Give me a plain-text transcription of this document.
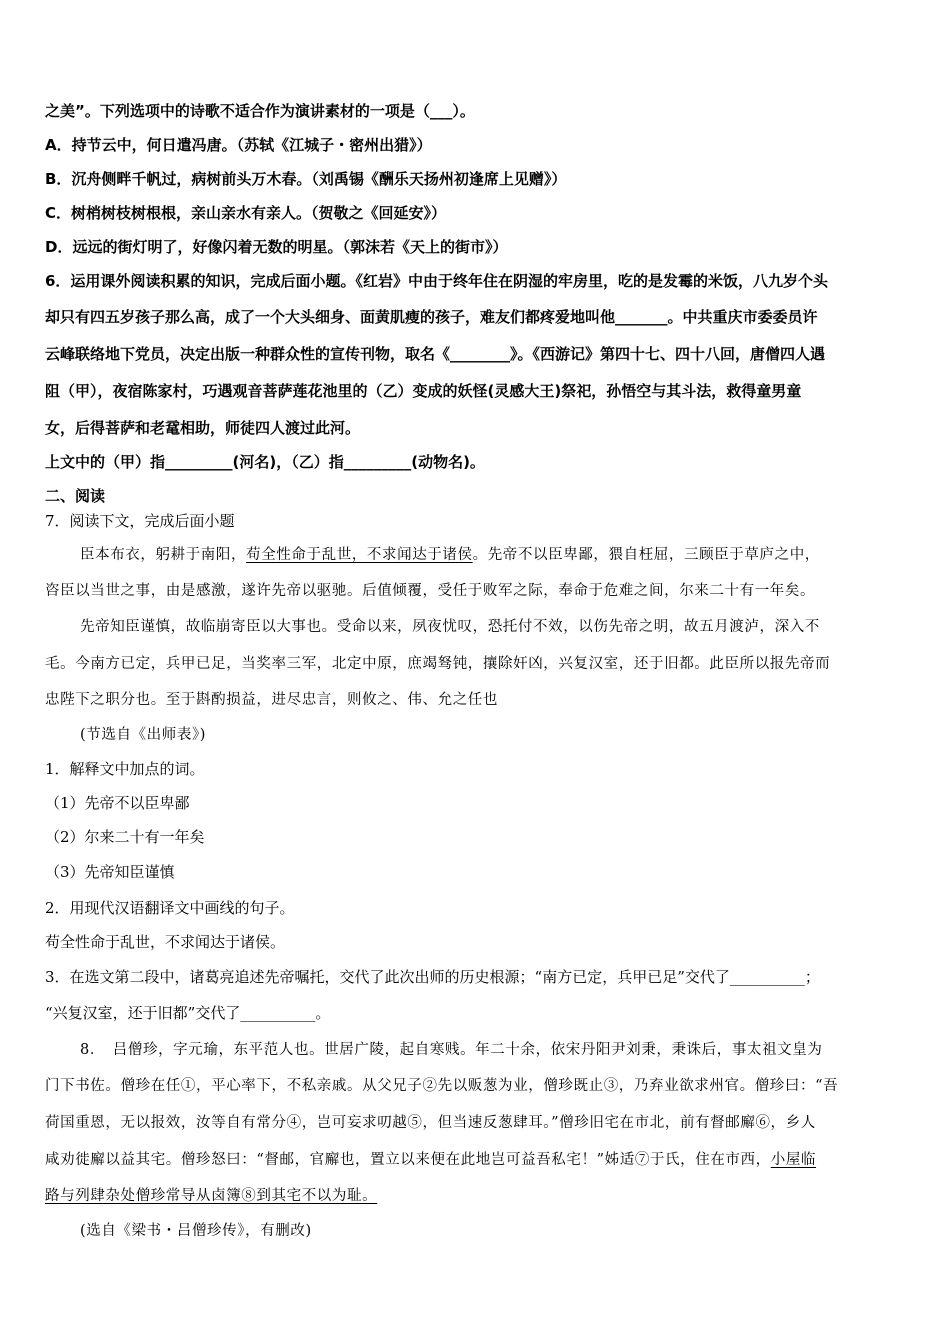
之美”。下列选项中的诗歌不适合作为演讲素材的一项是（___）。
A．持节云中，何日遣冯唐。（苏轼《江城子・密州出猎》）
B．沉舟侧畔千帆过，病树前头万木春。（刘禹锡《酬乐天扬州初逢席上见赠》）
C．树梢树枝树根根，亲山亲水有亲人。（贺敬之《回延安》）
D．远远的街灯明了，好像闪着无数的明星。（郭沫若《天上的街市》）
6．运用课外阅读积累的知识，完成后面小题。《红岩》中由于终年住在阴湿的牢房里，吃的是发霉的米饭，八九岁个头
却只有四五岁孩子那么高，成了一个大头细身、面黄肌瘦的孩子，难友们都疼爱地叫他_______。中共重庆市委委员许
云峰联络地下党员，决定出版一种群众性的宣传刊物，取名《________》。《西游记》第四十七、四十八回，唐僧四人遇
阻（甲），夜宿陈家村，巧遇观音菩萨莲花池里的（乙）变成的妖怪(灵感大王)祭祀，孙悟空与其斗法，救得童男童
女，后得菩萨和老鼋相助，师徒四人渡过此河。
上文中的（甲）指_________(河名)，（乙）指_________(动物名)。
二、阅读
7．阅读下文，完成后面小题
臣本布衣，躬耕于南阳，苟全性命于乱世，不求闻达于诸侯。先帝不以臣卑鄙，猥自枉屈，三顾臣于草庐之中，
咨臣以当世之事，由是感激，遂许先帝以驱驰。后值倾覆，受任于败军之际，奉命于危难之间，尔来二十有一年矣。
先帝知臣谨慎，故临崩寄臣以大事也。受命以来，夙夜忧叹，恐托付不效，以伤先帝之明，故五月渡泸，深入不
毛。今南方已定，兵甲已足，当奖率三军，北定中原，庶竭驽钝，攘除奸凶，兴复汉室，还于旧都。此臣所以报先帝而
忠陛下之职分也。至于斟酌损益，进尽忠言，则攸之、伟、允之任也
(节选自《出师表》)
1．解释文中加点的词。
（1）先帝不以臣卑鄙
（2）尔来二十有一年矣
（3）先帝知臣谨慎
2．用现代汉语翻译文中画线的句子。
苟全性命于乱世，不求闻达于诸侯。
3．在选文第二段中，诸葛亮追述先帝嘱托，交代了此次出师的历史根源；“南方已定，兵甲已足”交代了__________；
“兴复汉室，还于旧都”交代了__________。
8．　吕僧珍，字元瑜，东平范人也。世居广陵，起自寒贱。年二十余，依宋丹阳尹刘秉，秉诛后，事太祖文皇为
门下书佐。僧珍在任①，平心率下，不私亲戚。从父兄子②先以贩葱为业，僧珍既止③，乃弃业欲求州官。僧珍曰：“吾
荷国重恩，无以报效，汝等自有常分④，岂可妄求叨越⑤，但当速反葱肆耳。”僧珍旧宅在市北，前有督邮廨⑥，乡人
咸劝徙廨以益其宅。僧珍怒曰：“督邮，官廨也，置立以来便在此地岂可益吾私宅！”姊适⑦于氏，住在市西，小屋临
路与列肆杂处僧珍常导从卤簿⑧到其宅不以为耻。
(选自《梁书・吕僧珍传》，有删改)
